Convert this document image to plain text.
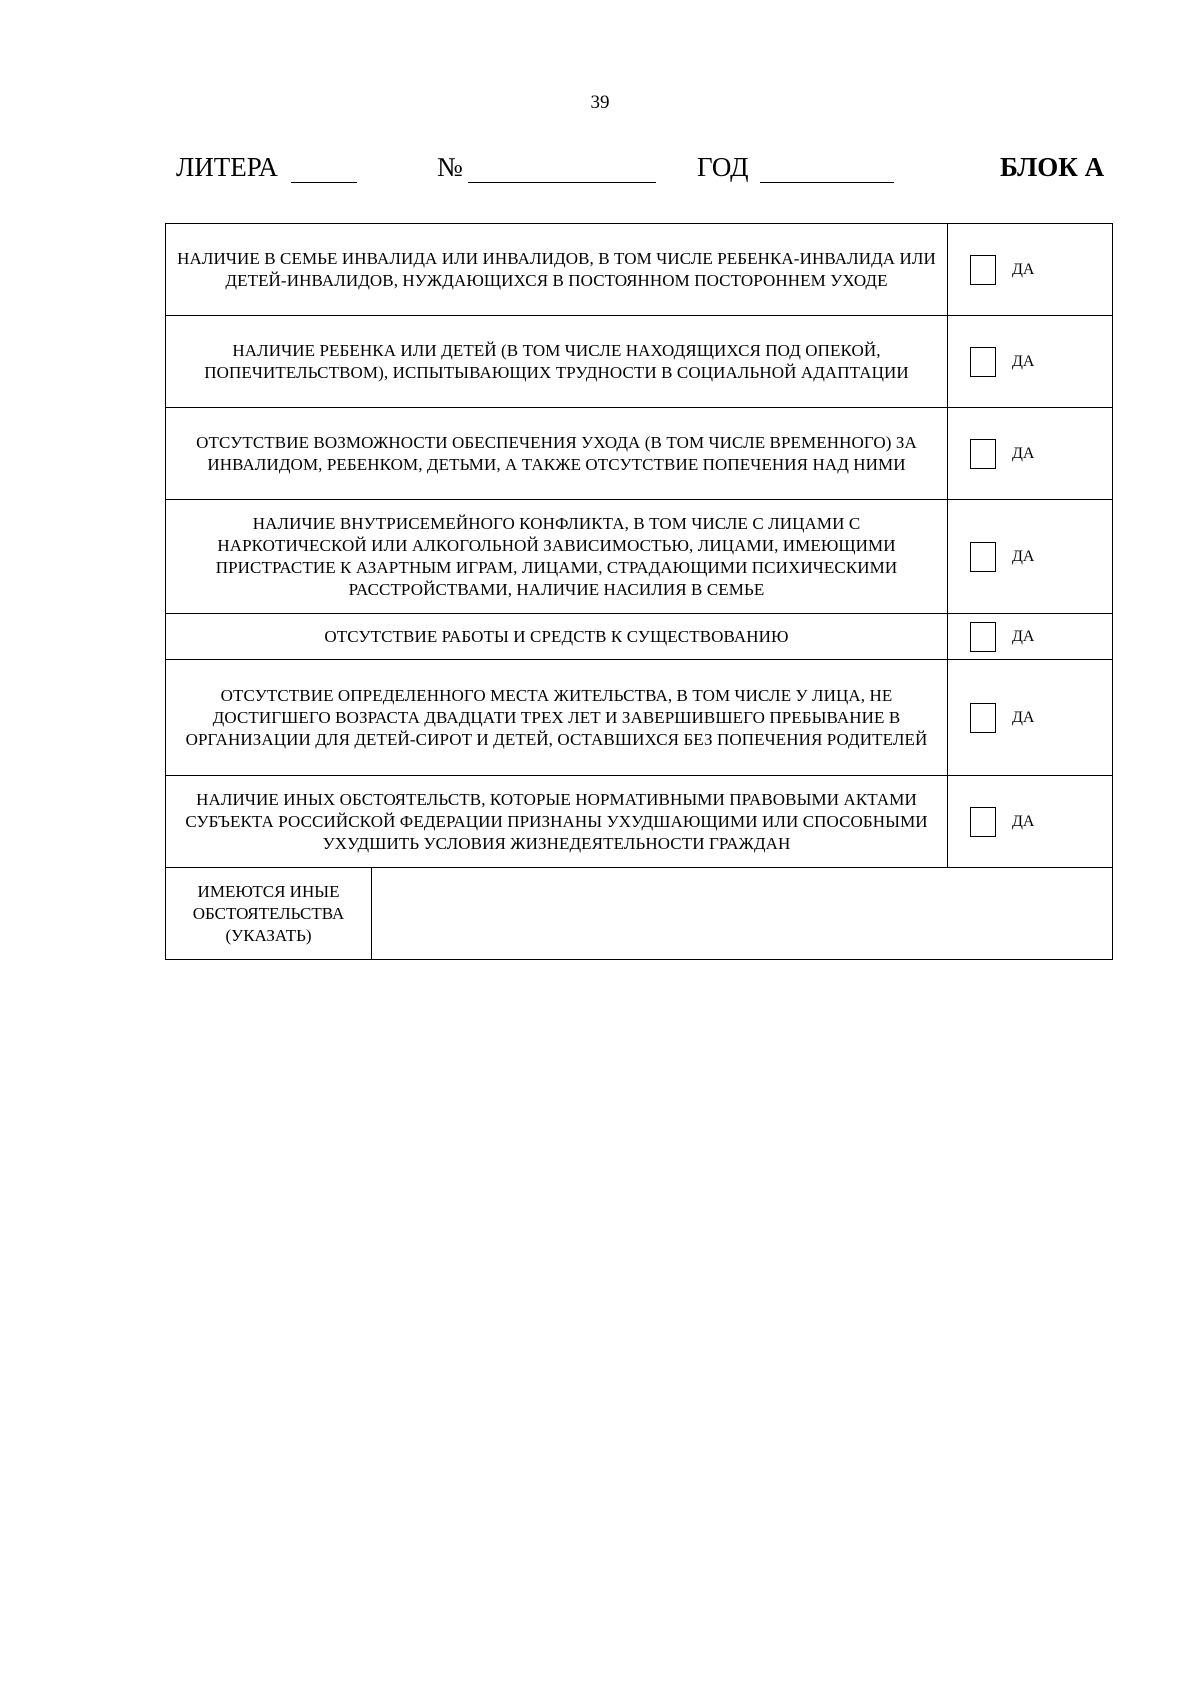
39
ЛИТЕРА	№	ГОД	БЛОК А
НАЛИЧИЕ В СЕМЬЕ ИНВАЛИДА ИЛИ ИНВАЛИДОВ, В ТОМ ЧИСЛЕ РЕБЕНКА-ИНВАЛИДА ИЛИ ДЕТЕЙ-ИНВАЛИДОВ, НУЖДАЮЩИХСЯ В ПОСТОЯННОМ ПОСТОРОННЕМ УХОДЕ		ДА

НАЛИЧИЕ РЕБЕНКА ИЛИ ДЕТЕЙ (В ТОМ ЧИСЛЕ НАХОДЯЩИХСЯ ПОД ОПЕКОЙ, ПОПЕЧИТЕЛЬСТВОМ), ИСПЫТЫВАЮЩИХ ТРУДНОСТИ В СОЦИАЛЬНОЙ АДАПТАЦИИ		ДА

ОТСУТСТВИЕ ВОЗМОЖНОСТИ ОБЕСПЕЧЕНИЯ УХОДА (В ТОМ ЧИСЛЕ ВРЕМЕННОГО) ЗА ИНВАЛИДОМ, РЕБЕНКОМ, ДЕТЬМИ, А ТАКЖЕ ОТСУТСТВИЕ ПОПЕЧЕНИЯ НАД НИМИ		ДА

НАЛИЧИЕ ВНУТРИСЕМЕЙНОГО КОНФЛИКТА, В ТОМ ЧИСЛЕ С ЛИЦАМИ С НАРКОТИЧЕСКОЙ ИЛИ АЛКОГОЛЬНОЙ ЗАВИСИМОСТЬЮ, ЛИЦАМИ, ИМЕЮЩИМИ ПРИСТРАСТИЕ К АЗАРТНЫМ ИГРАМ, ЛИЦАМИ, СТРАДАЮЩИМИ ПСИХИЧЕСКИМИ РАССТРОЙСТВАМИ, НАЛИЧИЕ НАСИЛИЯ В СЕМЬЕ		ДА

ОТСУТСТВИЕ РАБОТЫ И СРЕДСТВ К СУЩЕСТВОВАНИЮ		ДА

ОТСУТСТВИЕ ОПРЕДЕЛЕННОГО МЕСТА ЖИТЕЛЬСТВА, В ТОМ ЧИСЛЕ У ЛИЦА, НЕ ДОСТИГШЕГО ВОЗРАСТА ДВАДЦАТИ ТРЕХ ЛЕТ И ЗАВЕРШИВШЕГО ПРЕБЫВАНИЕ В ОРГАНИЗАЦИИ ДЛЯ ДЕТЕЙ-СИРОТ И ДЕТЕЙ, ОСТАВШИХСЯ БЕЗ ПОПЕЧЕНИЯ РОДИТЕЛЕЙ		ДА

НАЛИЧИЕ ИНЫХ ОБСТОЯТЕЛЬСТВ, КОТОРЫЕ НОРМАТИВНЫМИ ПРАВОВЫМИ АКТАМИ СУБЪЕКТА РОССИЙСКОЙ ФЕДЕРАЦИИ ПРИЗНАНЫ УХУДШАЮЩИМИ ИЛИ СПОСОБНЫМИ УХУДШИТЬ УСЛОВИЯ ЖИЗНЕДЕЯТЕЛЬНОСТИ ГРАЖДАН		ДА

ИМЕЮТСЯ ИНЫЕ ОБСТОЯТЕЛЬСТВА (УКАЗАТЬ)		
